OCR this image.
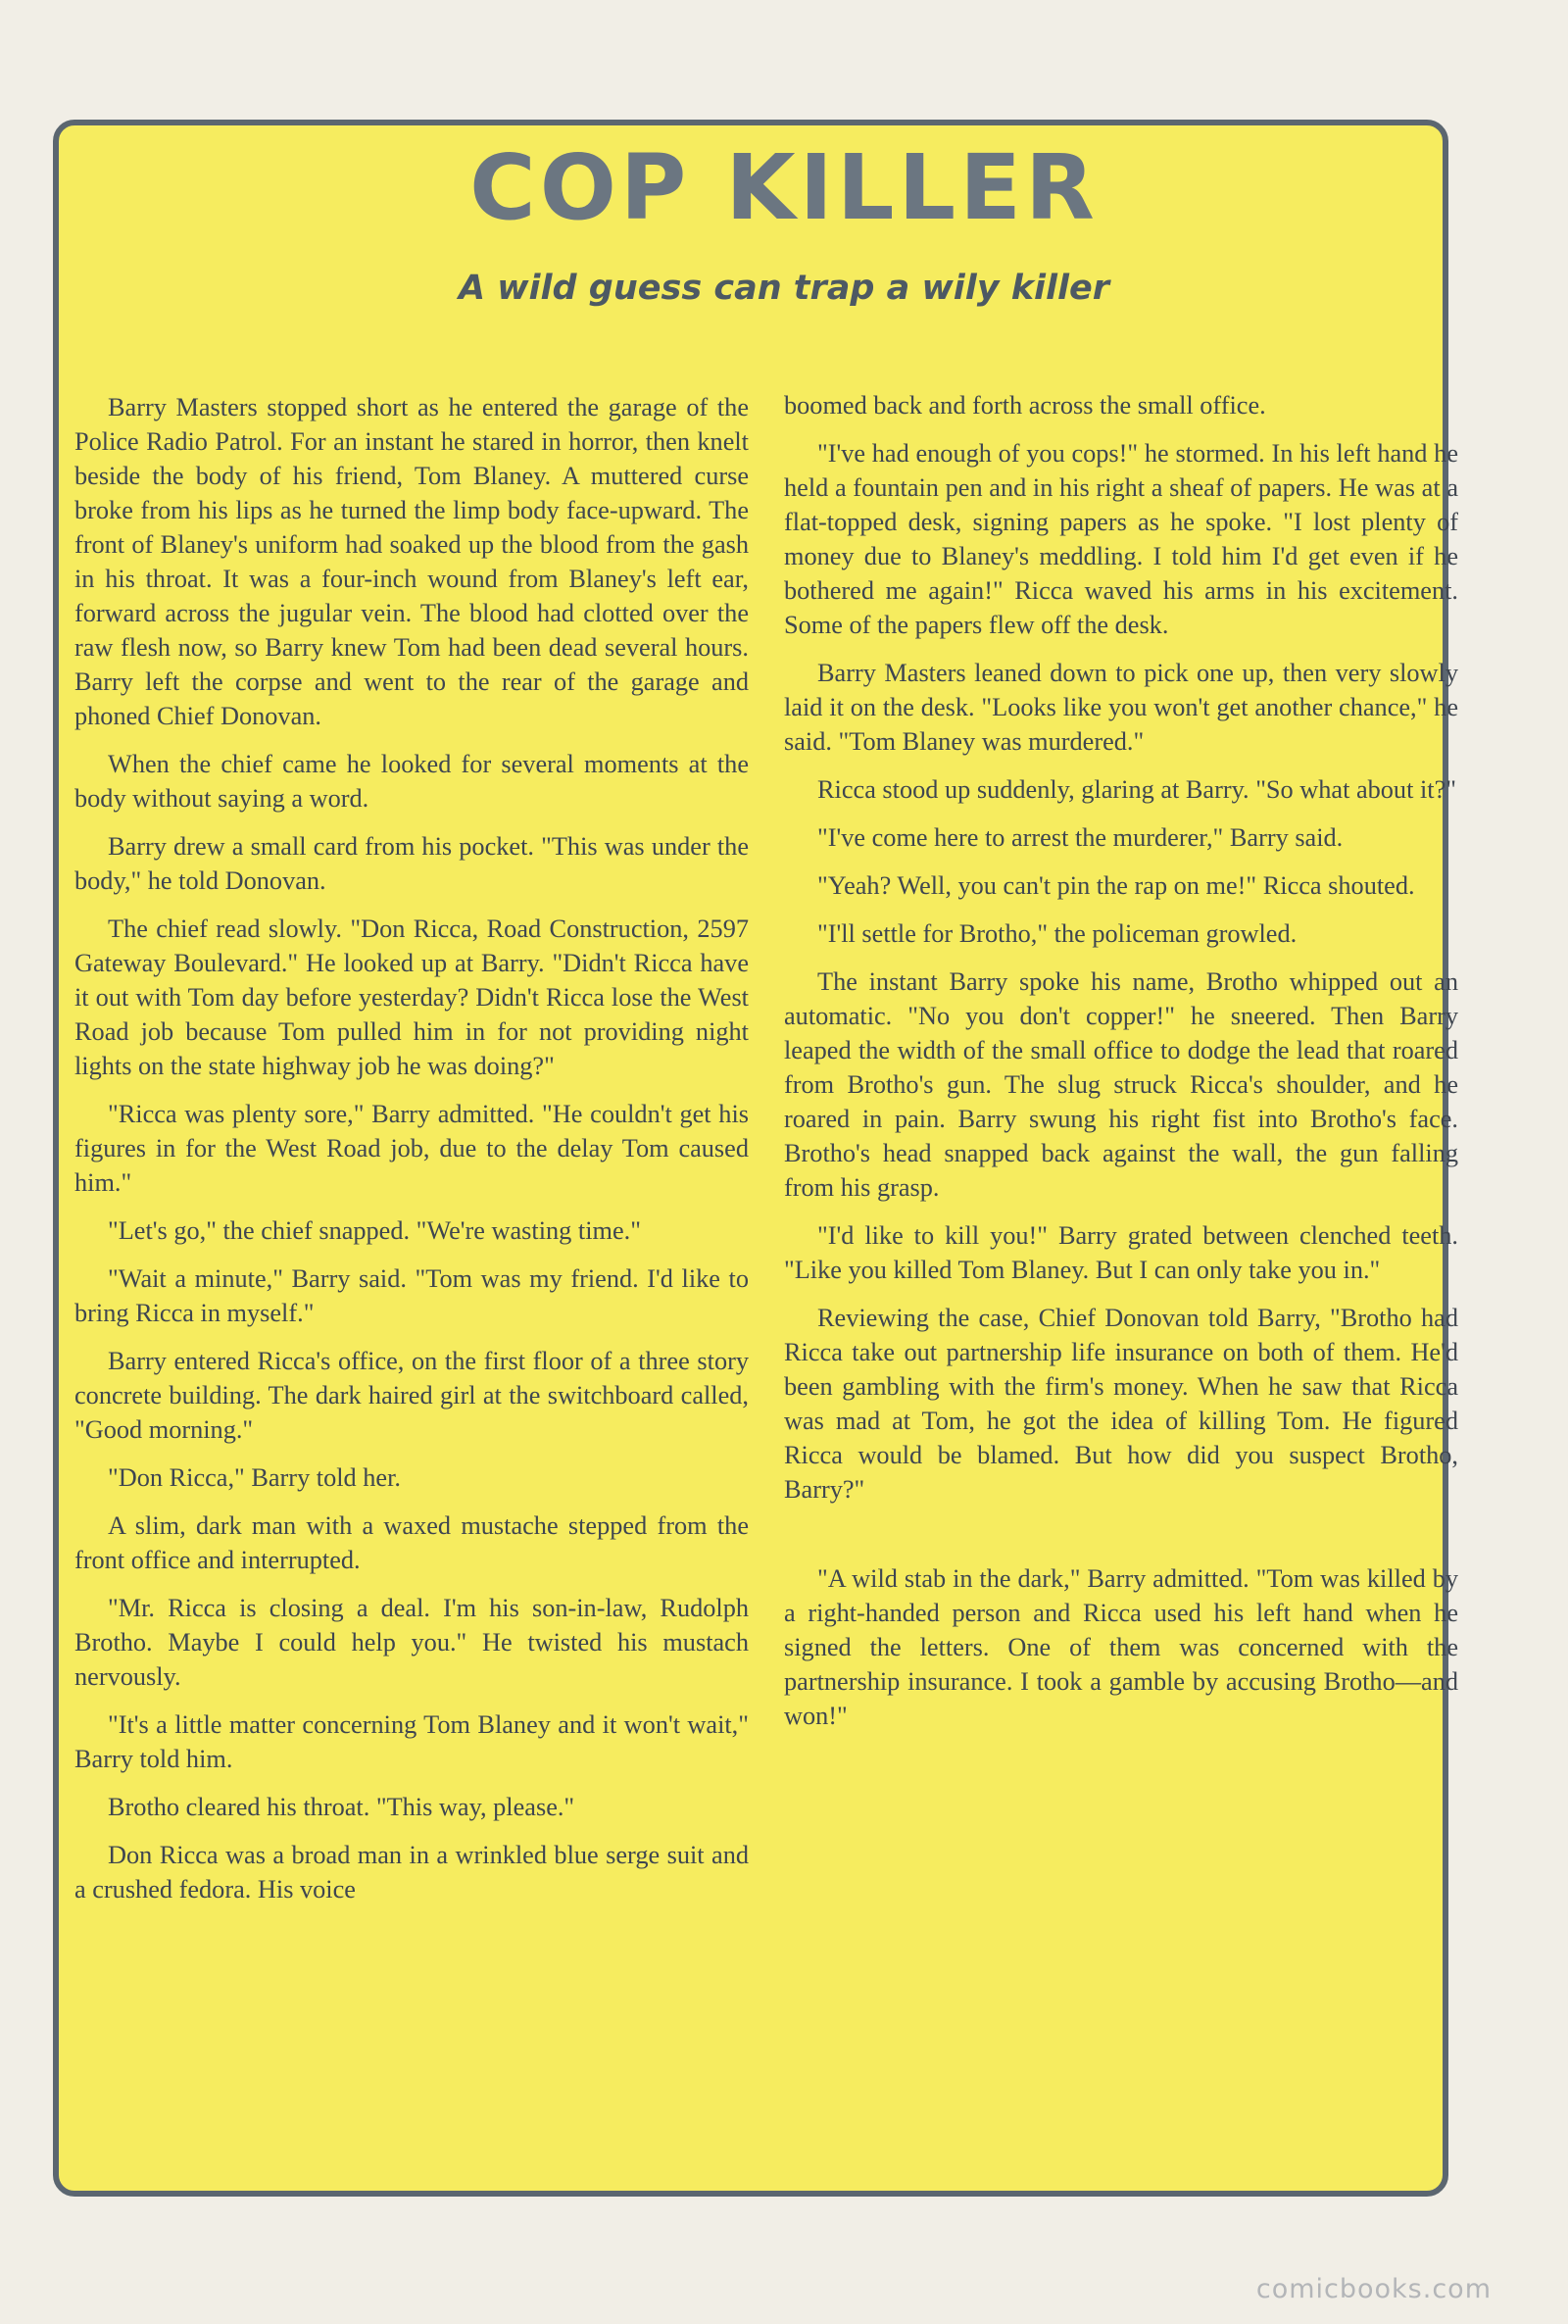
COP KILLER
A wild guess can trap a wily killer

Barry Masters stopped short as he entered the garage of the Police Radio Patrol. For an instant he stared in horror, then knelt beside the body of his friend, Tom Blaney. A muttered curse broke from his lips as he turned the limp body face-upward. The front of Blaney's uniform had soaked up the blood from the gash in his throat. It was a four-inch wound from Blaney's left ear, forward across the jugular vein. The blood had clotted over the raw flesh now, so Barry knew Tom had been dead several hours. Barry left the corpse and went to the rear of the garage and phoned Chief Donovan.

When the chief came he looked for several moments at the body without saying a word.

Barry drew a small card from his pocket. "This was under the body," he told Donovan.

The chief read slowly. "Don Ricca, Road Construction, 2597 Gateway Boulevard." He looked up at Barry. "Didn't Ricca have it out with Tom day before yesterday? Didn't Ricca lose the West Road job because Tom pulled him in for not providing night lights on the state highway job he was doing?"

"Ricca was plenty sore," Barry admitted. "He couldn't get his figures in for the West Road job, due to the delay Tom caused him."

"Let's go," the chief snapped. "We're wasting time."

"Wait a minute," Barry said. "Tom was my friend. I'd like to bring Ricca in myself."

Barry entered Ricca's office, on the first floor of a three story concrete building. The dark haired girl at the switchboard called, "Good morning."

"Don Ricca," Barry told her.

A slim, dark man with a waxed mustache stepped from the front office and interrupted.

"Mr. Ricca is closing a deal. I'm his son-in-law, Rudolph Brotho. Maybe I could help you." He twisted his mustach nervously.

"It's a little matter concerning Tom Blaney and it won't wait," Barry told him.

Brotho cleared his throat. "This way, please."

Don Ricca was a broad man in a wrinkled blue serge suit and a crushed fedora. His voice

boomed back and forth across the small office.

"I've had enough of you cops!" he stormed. In his left hand he held a fountain pen and in his right a sheaf of papers. He was at a flat-topped desk, signing papers as he spoke. "I lost plenty of money due to Blaney's meddling. I told him I'd get even if he bothered me again!" Ricca waved his arms in his excitement. Some of the papers flew off the desk.

Barry Masters leaned down to pick one up, then very slowly laid it on the desk. "Looks like you won't get another chance," he said. "Tom Blaney was murdered."

Ricca stood up suddenly, glaring at Barry. "So what about it?"

"I've come here to arrest the murderer," Barry said.

"Yeah? Well, you can't pin the rap on me!" Ricca shouted.

"I'll settle for Brotho," the policeman growled.

The instant Barry spoke his name, Brotho whipped out an automatic. "No you don't copper!" he sneered. Then Barry leaped the width of the small office to dodge the lead that roared from Brotho's gun. The slug struck Ricca's shoulder, and he roared in pain. Barry swung his right fist into Brotho's face. Brotho's head snapped back against the wall, the gun falling from his grasp.

"I'd like to kill you!" Barry grated between clenched teeth. "Like you killed Tom Blaney. But I can only take you in."

Reviewing the case, Chief Donovan told Barry, "Brotho had Ricca take out partnership life insurance on both of them. He'd been gambling with the firm's money. When he saw that Ricca was mad at Tom, he got the idea of killing Tom. He figured Ricca would be blamed. But how did you suspect Brotho, Barry?"

"A wild stab in the dark," Barry admitted. "Tom was killed by a right-handed person and Ricca used his left hand when he signed the letters. One of them was concerned with the partnership insurance. I took a gamble by accusing Brotho—and won!"

comicbooks.com
